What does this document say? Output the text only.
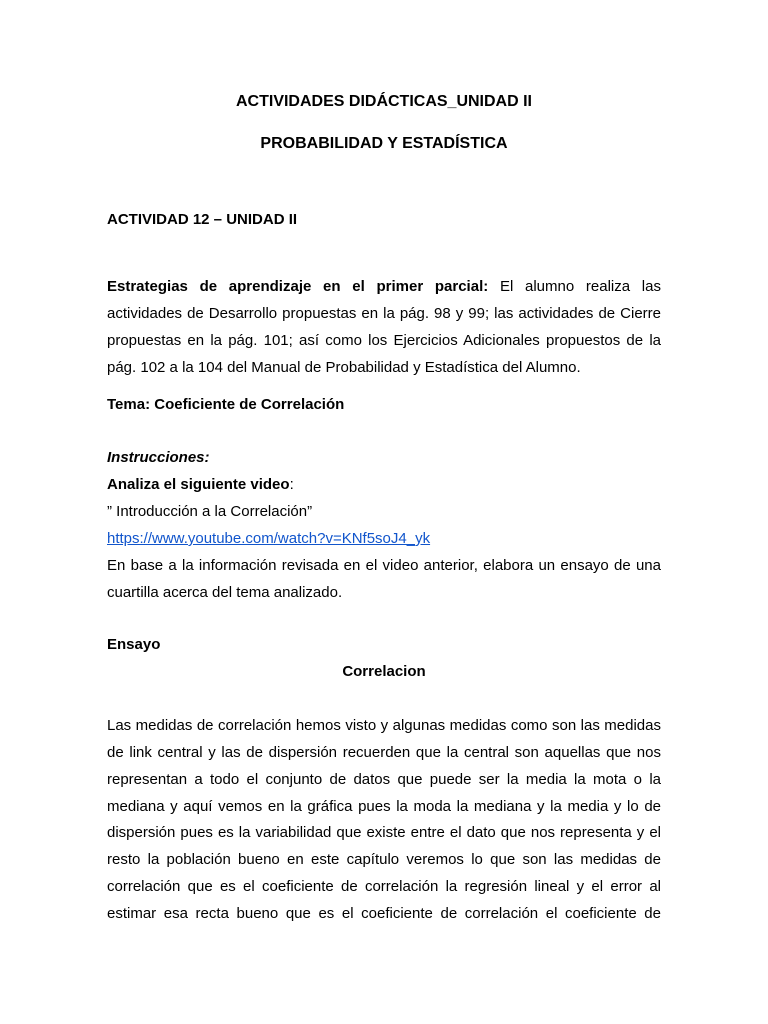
ACTIVIDADES DIDÁCTICAS_UNIDAD II
PROBABILIDAD Y ESTADÍSTICA
ACTIVIDAD 12 – UNIDAD II
Estrategias de aprendizaje en el primer parcial: El alumno realiza las
actividades de Desarrollo propuestas en la pág. 98 y 99; las actividades de Cierre
propuestas en la pág. 101; así como los Ejercicios Adicionales propuestos de la
pág. 102 a la 104 del Manual de Probabilidad y Estadística del Alumno.
Tema: Coeficiente de Correlación
Instrucciones:
Analiza el siguiente video:
” Introducción a la Correlación”
https://www.youtube.com/watch?v=KNf5soJ4_yk
En base a la información revisada en el video anterior, elabora un ensayo de una
cuartilla acerca del tema analizado.
Ensayo
Correlacion
Las medidas de correlación hemos visto y algunas medidas como son las medidas
de link central y las de dispersión recuerden que la central son aquellas que nos
representan a todo el conjunto de datos que puede ser la media la mota o la
mediana y aquí vemos en la gráfica pues la moda la mediana y la media y lo de
dispersión pues es la variabilidad que existe entre el dato que nos representa y el
resto la población bueno en este capítulo veremos lo que son las medidas de
correlación que es el coeficiente de correlación la regresión lineal y el error al
estimar esa recta bueno que es el coeficiente de correlación el coeficiente de
